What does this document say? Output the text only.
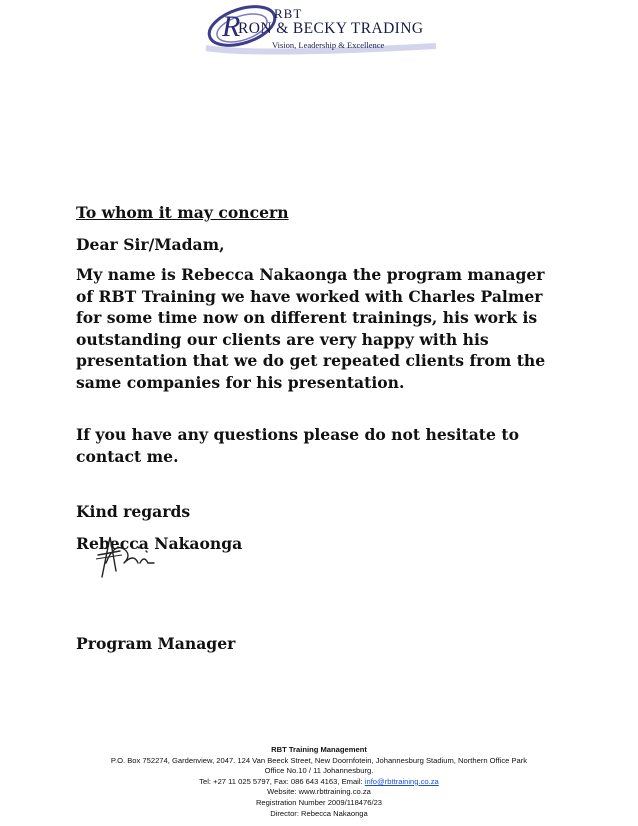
R	RBT
RON & BECKY TRADING
Vision, Leadership & Excellence

To whom it may concern

Dear Sir/Madam,

My name is Rebecca Nakaonga the program manager of RBT Training we have worked with Charles Palmer for some time now on different trainings, his work is outstanding our clients are very happy with his presentation that we do get repeated clients from the same companies for his presentation.

If you have any questions please do not hesitate to contact me.

Kind regards

Rebecca Nakaonga

Program Manager

RBT Training Management
P.O. Box 752274, Gardenview, 2047. 124 Van Beeck Street, New Doornfotein, Johannesburg Stadium, Northern Office Park
Office No.10 / 11 Johannesburg.
Tel: +27 11 025 5797, Fax: 086 643 4163, Email: info@rbttraining.co.za
Website: www.rbttraining.co.za
Registration Number 2009/118476/23
Director: Rebecca Nakaonga
